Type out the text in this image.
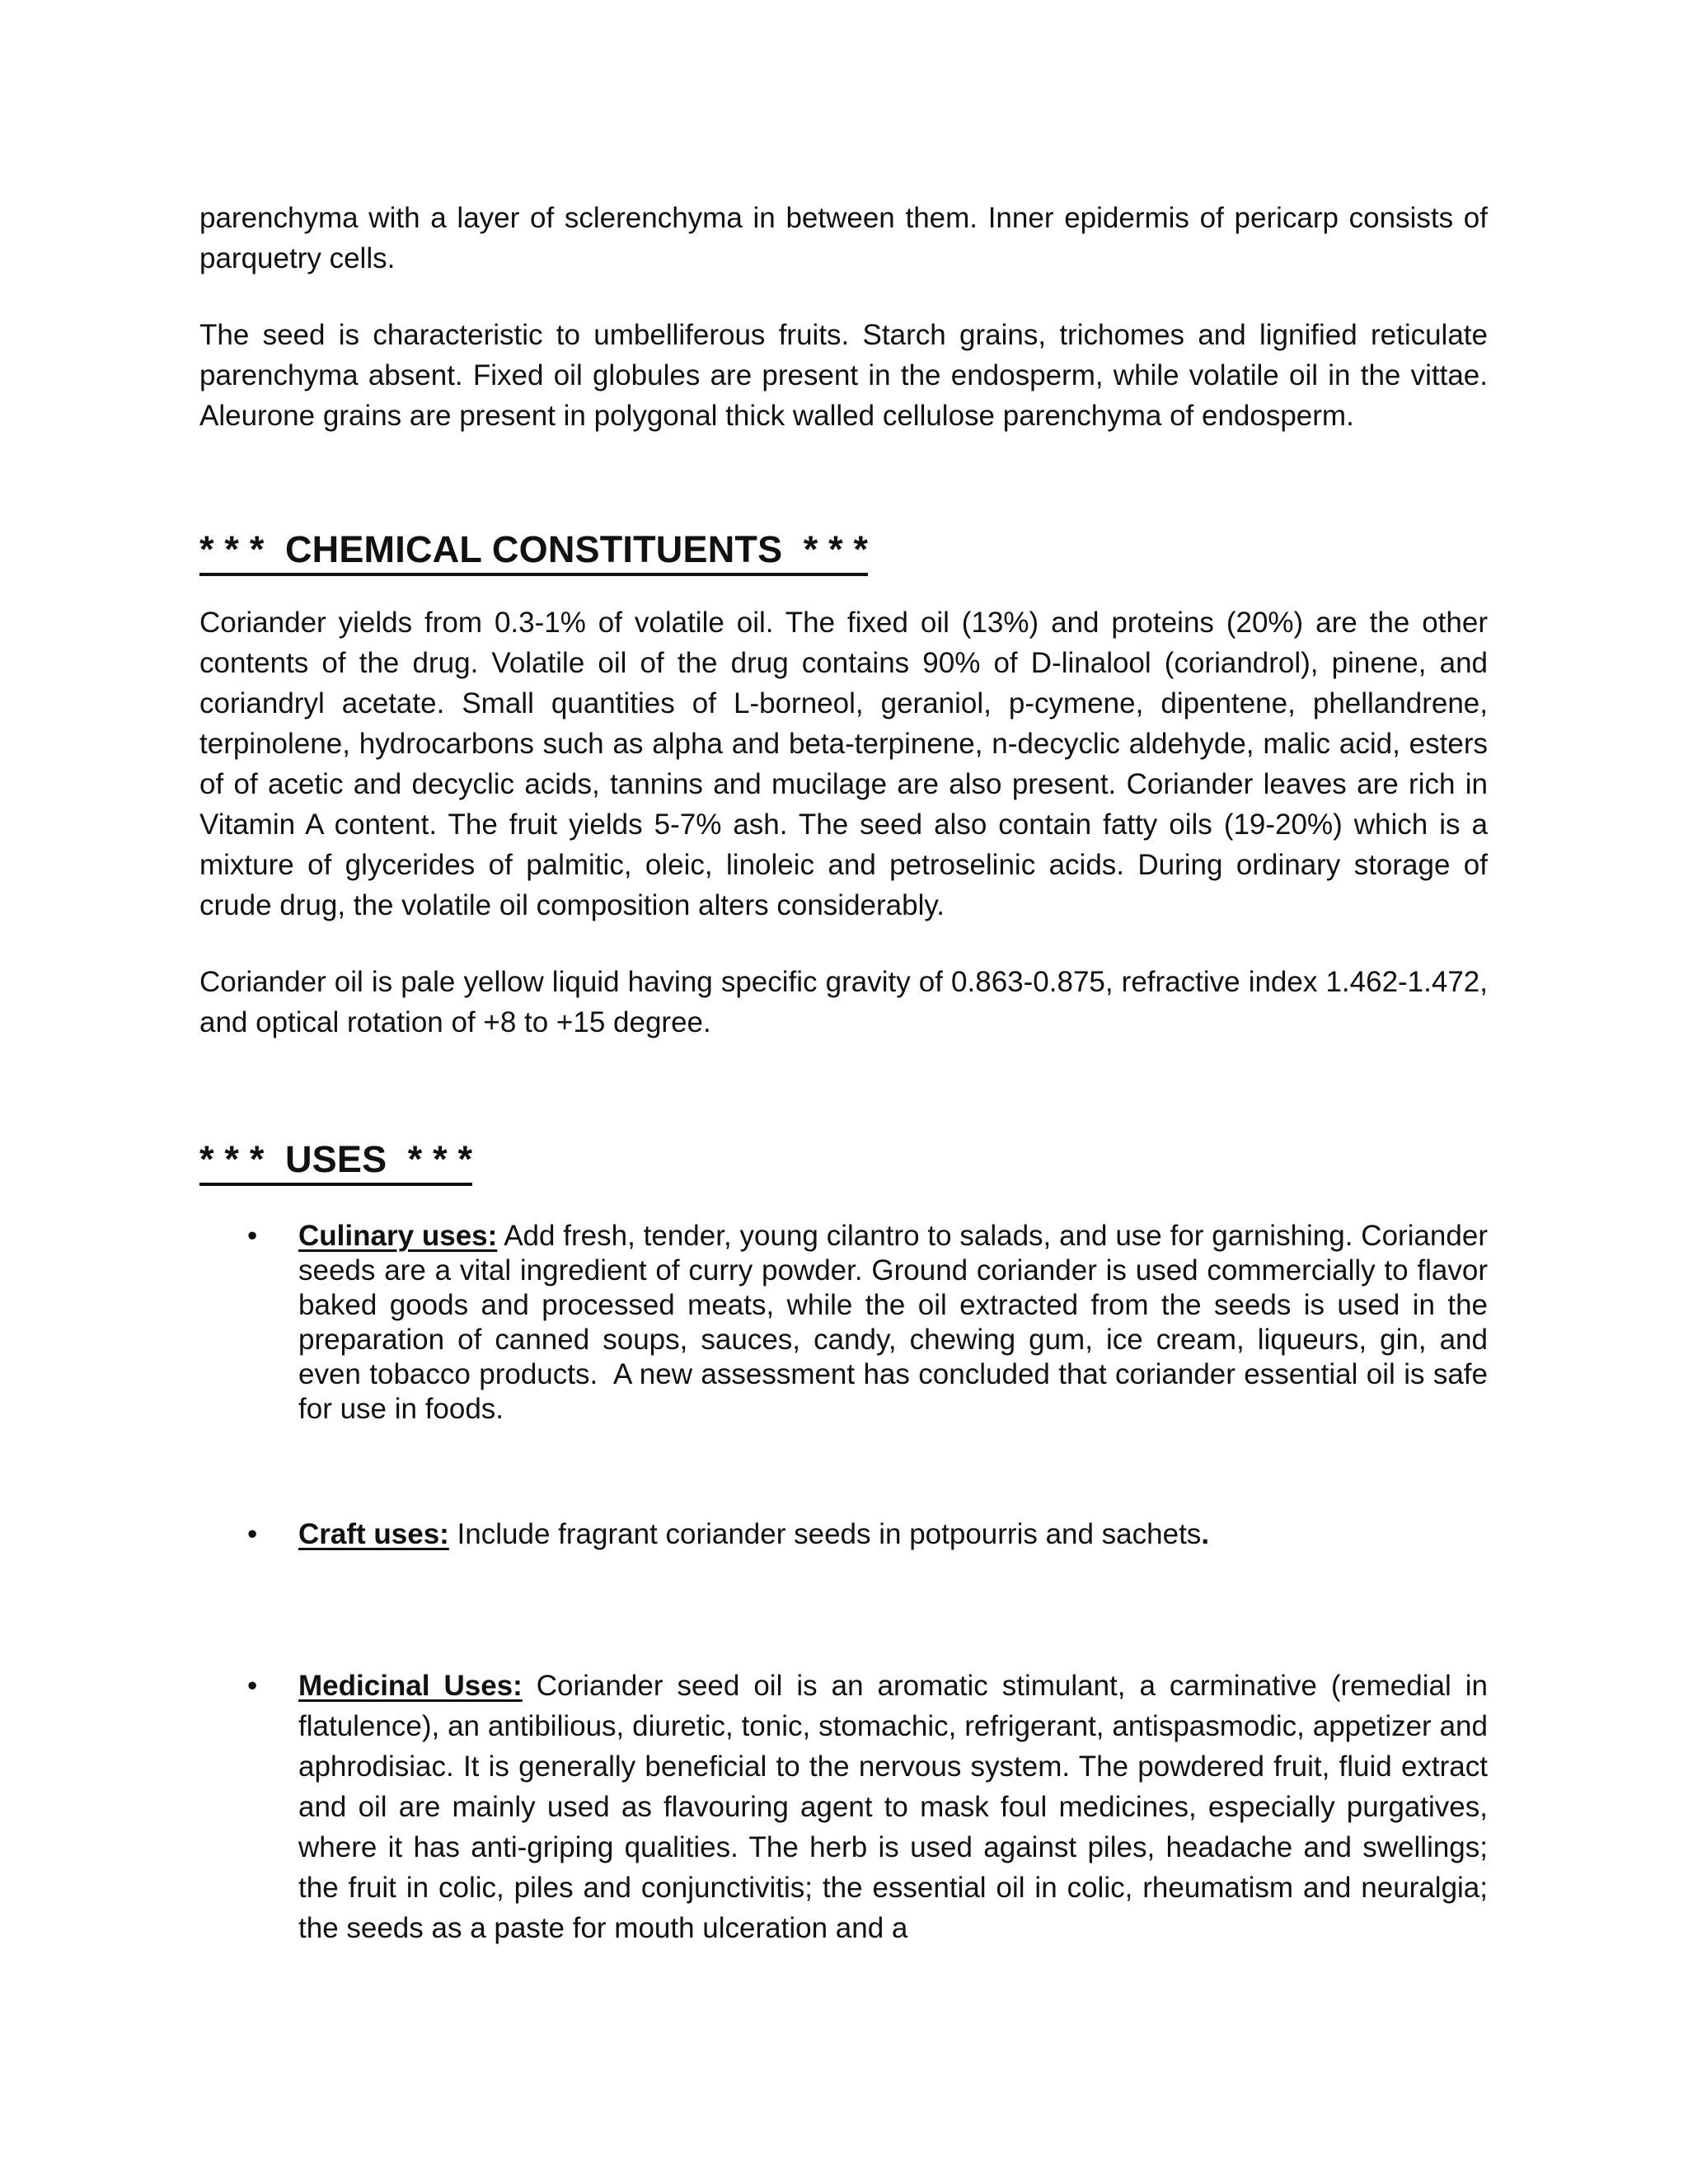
parenchyma with a layer of sclerenchyma in between them. Inner epidermis of pericarp consists of parquetry cells.

The seed is characteristic to umbelliferous fruits. Starch grains, trichomes and lignified reticulate parenchyma absent. Fixed oil globules are present in the endosperm, while volatile oil in the vittae. Aleurone grains are present in polygonal thick walled cellulose parenchyma of endosperm.

* * *  CHEMICAL CONSTITUENTS  * * *

Coriander yields from 0.3-1% of volatile oil. The fixed oil (13%) and proteins (20%) are the other contents of the drug. Volatile oil of the drug contains 90% of D-linalool (coriandrol), pinene, and coriandryl acetate. Small quantities of L-borneol, geraniol, p-cymene, dipentene, phellandrene, terpinolene, hydrocarbons such as alpha and beta-terpinene, n-decyclic aldehyde, malic acid, esters of of acetic and decyclic acids, tannins and mucilage are also present. Coriander leaves are rich in Vitamin A content. The fruit yields 5-7% ash. The seed also contain fatty oils (19-20%) which is a mixture of glycerides of palmitic, oleic, linoleic and petroselinic acids. During ordinary storage of crude drug, the volatile oil composition alters considerably.

Coriander oil is pale yellow liquid having specific gravity of 0.863-0.875, refractive index 1.462-1.472, and optical rotation of +8 to +15 degree.

* * *  USES  * * *
• Culinary uses: Add fresh, tender, young cilantro to salads, and use for garnishing. Coriander seeds are a vital ingredient of curry powder. Ground coriander is used commercially to flavor baked goods and processed meats, while the oil extracted from the seeds is used in the preparation of canned soups, sauces, candy, chewing gum, ice cream, liqueurs, gin, and even tobacco products.  A new assessment has concluded that coriander essential oil is safe for use in foods.
• Craft uses: Include fragrant coriander seeds in potpourris and sachets.
• Medicinal Uses: Coriander seed oil is an aromatic stimulant, a carminative (remedial in flatulence), an antibilious, diuretic, tonic, stomachic, refrigerant, antispasmodic, appetizer and aphrodisiac. It is generally beneficial to the nervous system. The powdered fruit, fluid extract and oil are mainly used as flavouring agent to mask foul medicines, especially purgatives, where it has anti-griping qualities. The herb is used against piles, headache and swellings; the fruit in colic, piles and conjunctivitis; the essential oil in colic, rheumatism and neuralgia; the seeds as a paste for mouth ulceration and a
